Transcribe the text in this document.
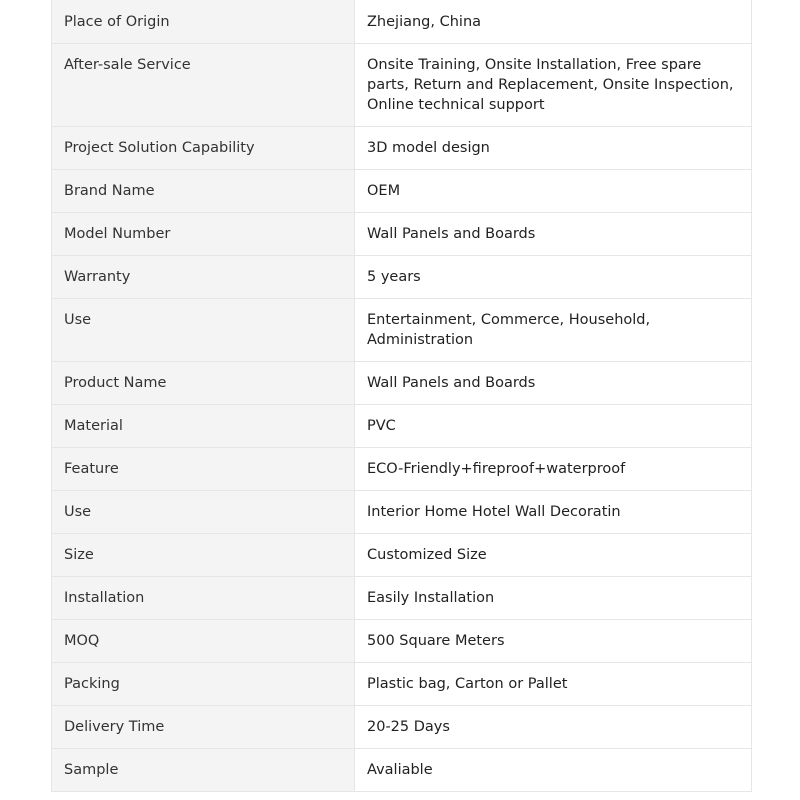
Place of Origin	Zhejiang, China
After-sale Service	Onsite Training, Onsite Installation, Free spare parts, Return and Replacement, Onsite Inspection, Online technical support
Project Solution Capability	3D model design
Brand Name	OEM
Model Number	Wall Panels and Boards
Warranty	5 years
Use	Entertainment, Commerce, Household, Administration
Product Name	Wall Panels and Boards
Material	PVC
Feature	ECO-Friendly+fireproof+waterproof
Use	Interior Home Hotel Wall Decoratin
Size	Customized Size
Installation	Easily Installation
MOQ	500 Square Meters
Packing	Plastic bag, Carton or Pallet
Delivery Time	20-25 Days
Sample	Avaliable
